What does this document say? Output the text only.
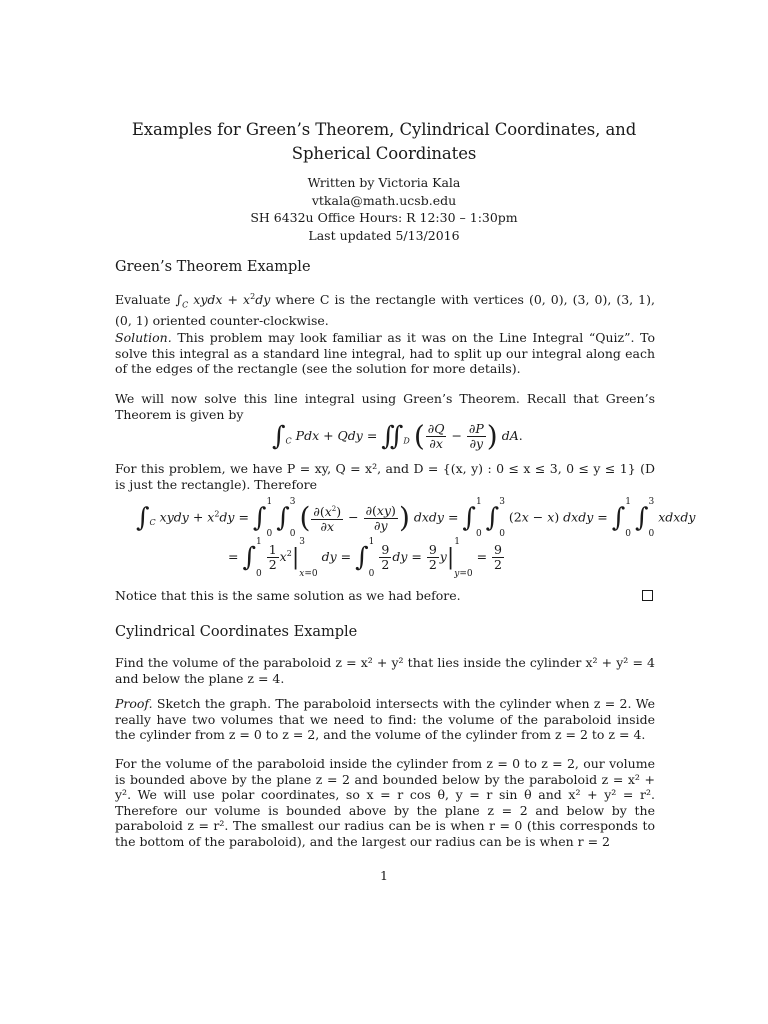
Examples for Green’s Theorem, Cylindrical Coordinates, and
Spherical Coordinates
Written by Victoria Kala
vtkala@math.ucsb.edu
SH 6432u Office Hours: R 12:30 – 1:30pm
Last updated 5/13/2016
Green’s Theorem Example
Evaluate $\int_C$ xydx + $x^2dy$ where C is the rectangle with vertices (0, 0), (3, 0), (3, 1), (0, 1) oriented counter-clockwise.
Solution. This problem may look familiar as it was on the Line Integral “Quiz”. To solve this integral as a standard line integral, had to split up our integral along each of the edges of the rectangle (see the solution for more details).
We will now solve this line integral using Green’s Theorem. Recall that Green’s Theorem is given by
$\int_C$ Pdx + Qdy = $∬_D$ ( $\frac{\partial Q}{\partial x} - \frac{\partial P}{\partial y}$ ) dA.
For this problem, we have P = xy, Q = x², and D = {(x, y) : 0 ≤ x ≤ 3, 0 ≤ y ≤ 1} (D is just the rectangle). Therefore
$\int_C$ xydy + $x^2dy$ = ∫
1
0
∫
3
0 ( $\frac{\partial(x^2)}{\partial x} - \frac{\partial(xy)}{\partial y}$ ) dxdy = ∫
1
0
∫
3
0
(2x − x) dxdy = ∫
1
0
∫
3
0
xdxdy
= ∫
1
0

$\frac{1}{2} x^2|$
3
x=0
dy = ∫
1
0

$\frac{9}{2}$ dy = $\frac{9}{2} y|$
1
y=0
= $\frac{9}{2}$
Notice that this is the same solution as we had before.
Cylindrical Coordinates Example
Find the volume of the paraboloid z = x² + y² that lies inside the cylinder x² + y² = 4 and below the plane z = 4.
Proof. Sketch the graph. The paraboloid intersects with the cylinder when z = 2. We really have two volumes that we need to find: the volume of the paraboloid inside the cylinder from z = 0 to z = 2, and the volume of the cylinder from z = 2 to z = 4.
For the volume of the paraboloid inside the cylinder from z = 0 to z = 2, our volume is bounded above by the plane z = 2 and bounded below by the paraboloid z = x² + y². We will use polar coordinates, so x = r cos θ, y = r sin θ and x² + y² = r². Therefore our volume is bounded above by the plane z = 2 and below by the paraboloid z = r². The smallest our radius can be is when r = 0 (this corresponds to the bottom of the paraboloid), and the largest our radius can be is when r = 2
1
